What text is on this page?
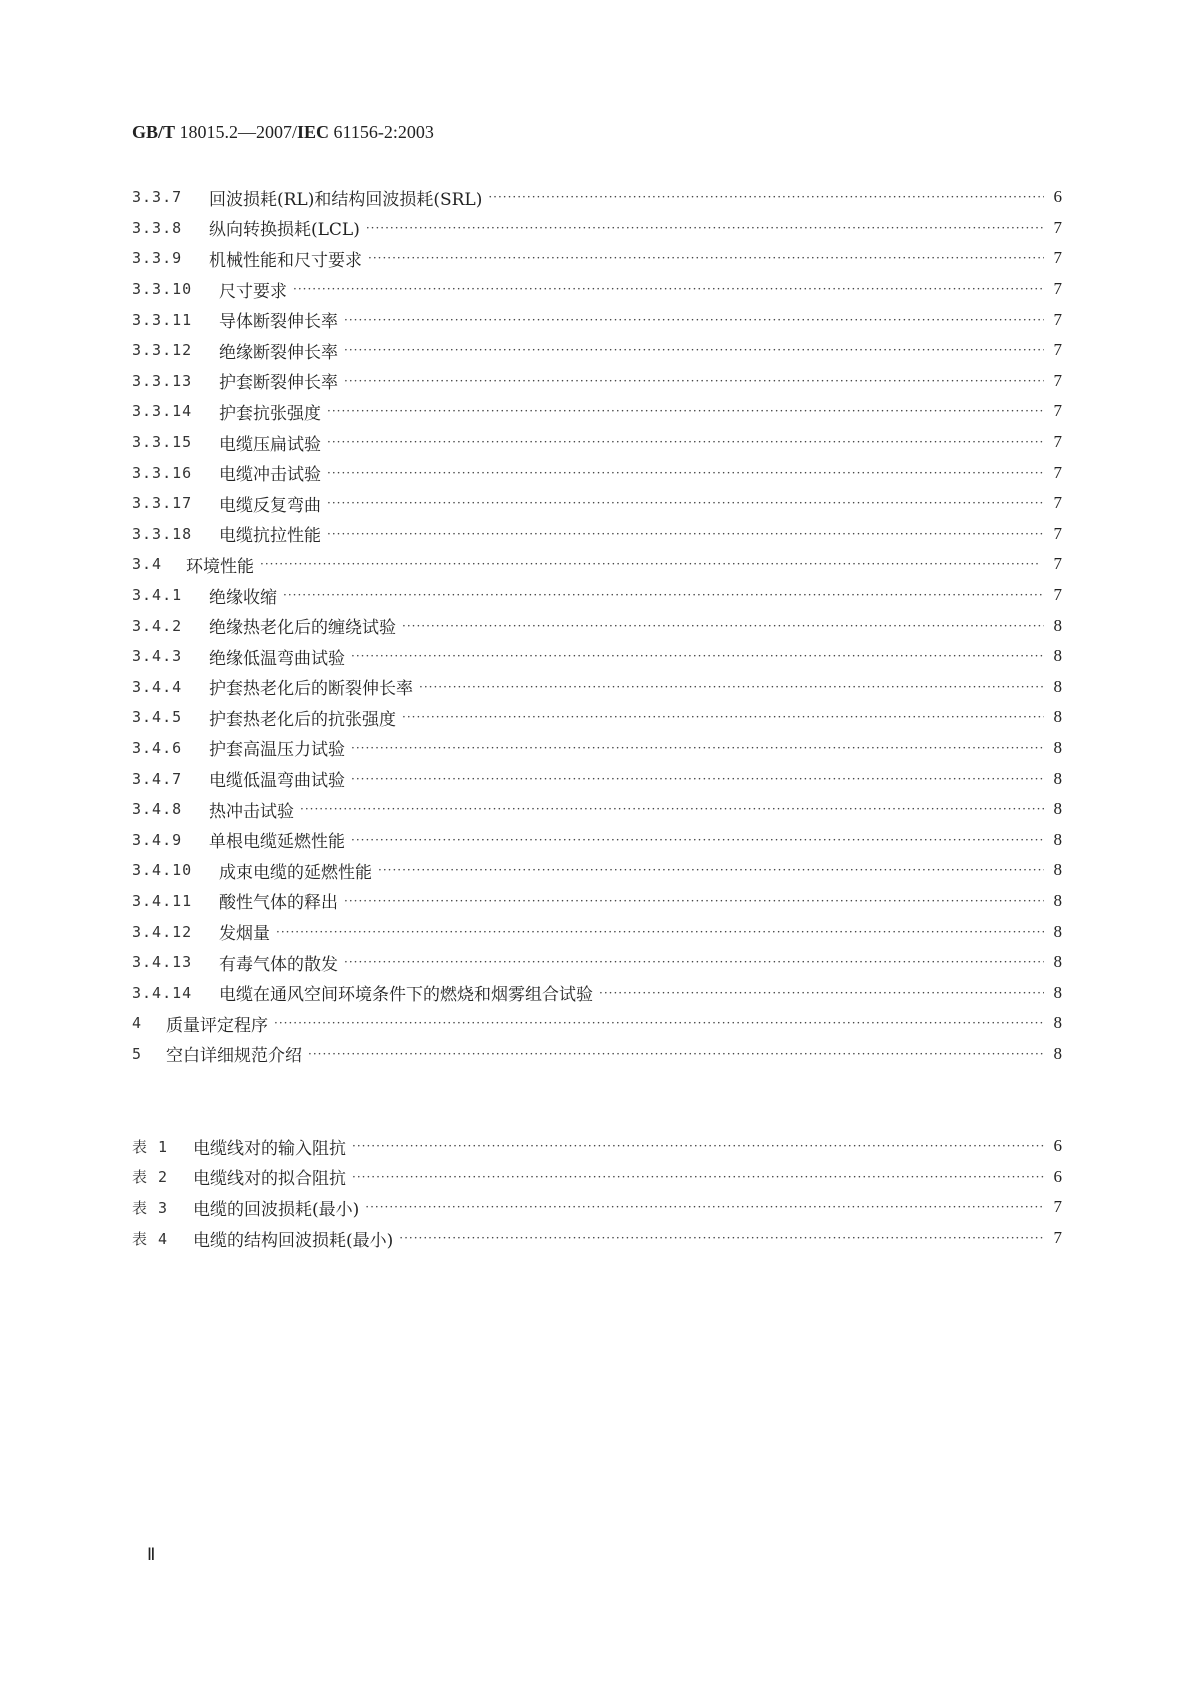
GB/T 18015.2—2007/IEC 61156-2:2003
3.3.7	回波损耗(RL)和结构回波损耗(SRL) ·····	6
3.3.8	纵向转换损耗(LCL) ·····	7
3.3.9	机械性能和尺寸要求 ·····	7
3.3.10	尺寸要求 ·····	7
3.3.11	导体断裂伸长率 ·····	7
3.3.12	绝缘断裂伸长率 ·····	7
3.3.13	护套断裂伸长率 ·····	7
3.3.14	护套抗张强度 ·····	7
3.3.15	电缆压扁试验 ·····	7
3.3.16	电缆冲击试验 ·····	7
3.3.17	电缆反复弯曲 ·····	7
3.3.18	电缆抗拉性能 ·····	7
3.4	环境性能 ·····	7
3.4.1	绝缘收缩 ·····	7
3.4.2	绝缘热老化后的缠绕试验 ·····	8
3.4.3	绝缘低温弯曲试验 ·····	8
3.4.4	护套热老化后的断裂伸长率 ·····	8
3.4.5	护套热老化后的抗张强度 ·····	8
3.4.6	护套高温压力试验 ·····	8
3.4.7	电缆低温弯曲试验 ·····	8
3.4.8	热冲击试验 ·····	8
3.4.9	单根电缆延燃性能 ·····	8
3.4.10	成束电缆的延燃性能 ·····	8
3.4.11	酸性气体的释出 ·····	8
3.4.12	发烟量 ·····	8
3.4.13	有毒气体的散发 ·····	8
3.4.14	电缆在通风空间环境条件下的燃烧和烟雾组合试验 ·····	8
4	质量评定程序 ·····	8
5	空白详细规范介绍 ·····	8
表 1	电缆线对的输入阻抗 ·····	6
表 2	电缆线对的拟合阻抗 ·····	6
表 3	电缆的回波损耗(最小) ·····	7
表 4	电缆的结构回波损耗(最小) ·····	7
Ⅱ
